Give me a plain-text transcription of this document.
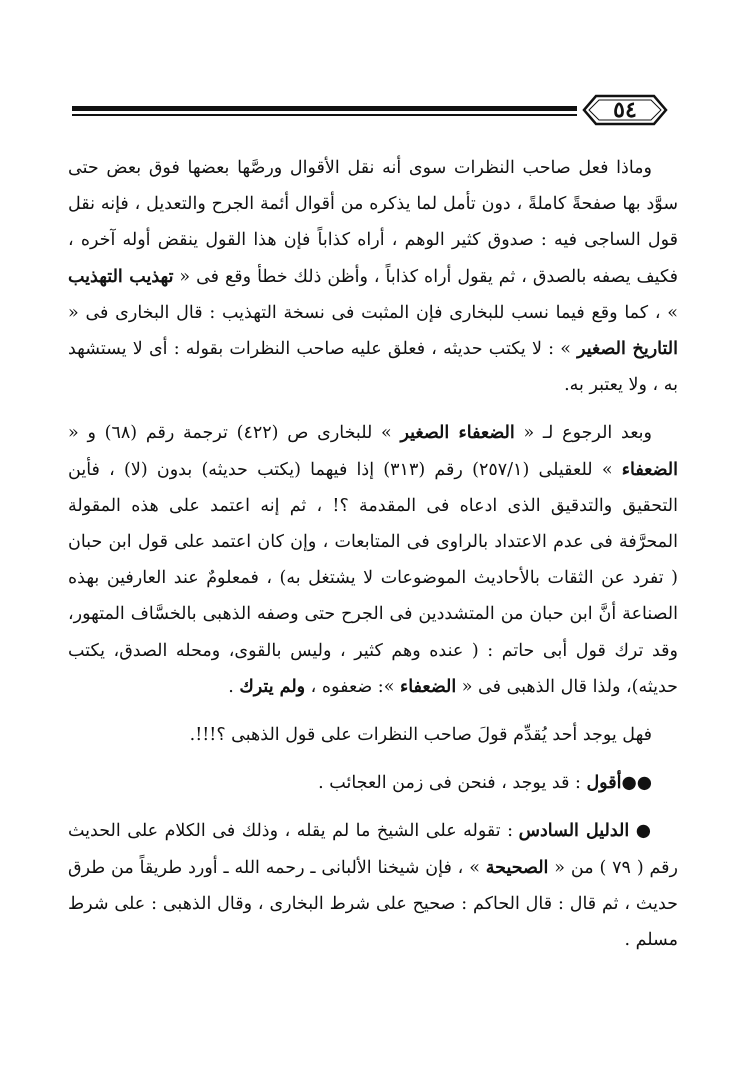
٥٤

وماذا فعل صاحب النظرات سوى أنه نقل الأقوال ورصَّها بعضها فوق بعض حتى سوَّد بها صفحةً كاملةً ، دون تأمل لما يذكره من أقوال أئمة الجرح والتعديل ، فإنه نقل قول الساجى فيه : صدوق كثير الوهم ، أراه كذاباً فإن هذا القول ينقض أوله آخره ، فكيف يصفه بالصدق ، ثم يقول أراه كذاباً ، وأظن ذلك خطأ وقع فى « تهذيب التهذيب » ، كما وقع فيما نسب للبخارى فإن المثبت فى نسخة التهذيب : قال البخارى فى « التاريخ الصغير » : لا يكتب حديثه ، فعلق عليه صاحب النظرات بقوله : أى لا يستشهد به ، ولا يعتبر به.

وبعد الرجوع لـ « الضعفاء الصغير » للبخارى ص (٤٢٢) ترجمة رقم (٦٨) و « الضعفاء » للعقيلى (٢٥٧/١) رقم (٣١٣) إذا فيهما (يكتب حديثه) بدون (لا) ، فأين التحقيق والتدقيق الذى ادعاه فى المقدمة ؟! ، ثم إنه اعتمد على هذه المقولة المحرَّفة فى عدم الاعتداد بالراوى فى المتابعات ، وإن كان اعتمد على قول ابن حبان ( تفرد عن الثقات بالأحاديث الموضوعات لا يشتغل به) ، فمعلومٌ عند العارفين بهذه الصناعة أنَّ ابن حبان من المتشددين فى الجرح حتى وصفه الذهبى بالخسَّاف المتهور، وقد ترك قول أبى حاتم : ( عنده وهم كثير ، وليس بالقوى، ومحله الصدق، يكتب حديثه)، ولذا قال الذهبى فى « الضعفاء »: ضعفوه ، ولم يترك .

فهل يوجد أحد يُقدِّم قولَ صاحب النظرات على قول الذهبى ؟!!!.

●●أقول : قد يوجد ، فنحن فى زمن العجائب .

● الدليل السادس : تقوله على الشيخ ما لم يقله ، وذلك فى الكلام على الحديث رقم ( ٧٩ ) من « الصحيحة » ، فإن شيخنا الألبانى ـ رحمه الله ـ أورد طريقاً من طرق حديث ، ثم قال : قال الحاكم : صحيح على شرط البخارى ، وقال الذهبى : على شرط مسلم .
